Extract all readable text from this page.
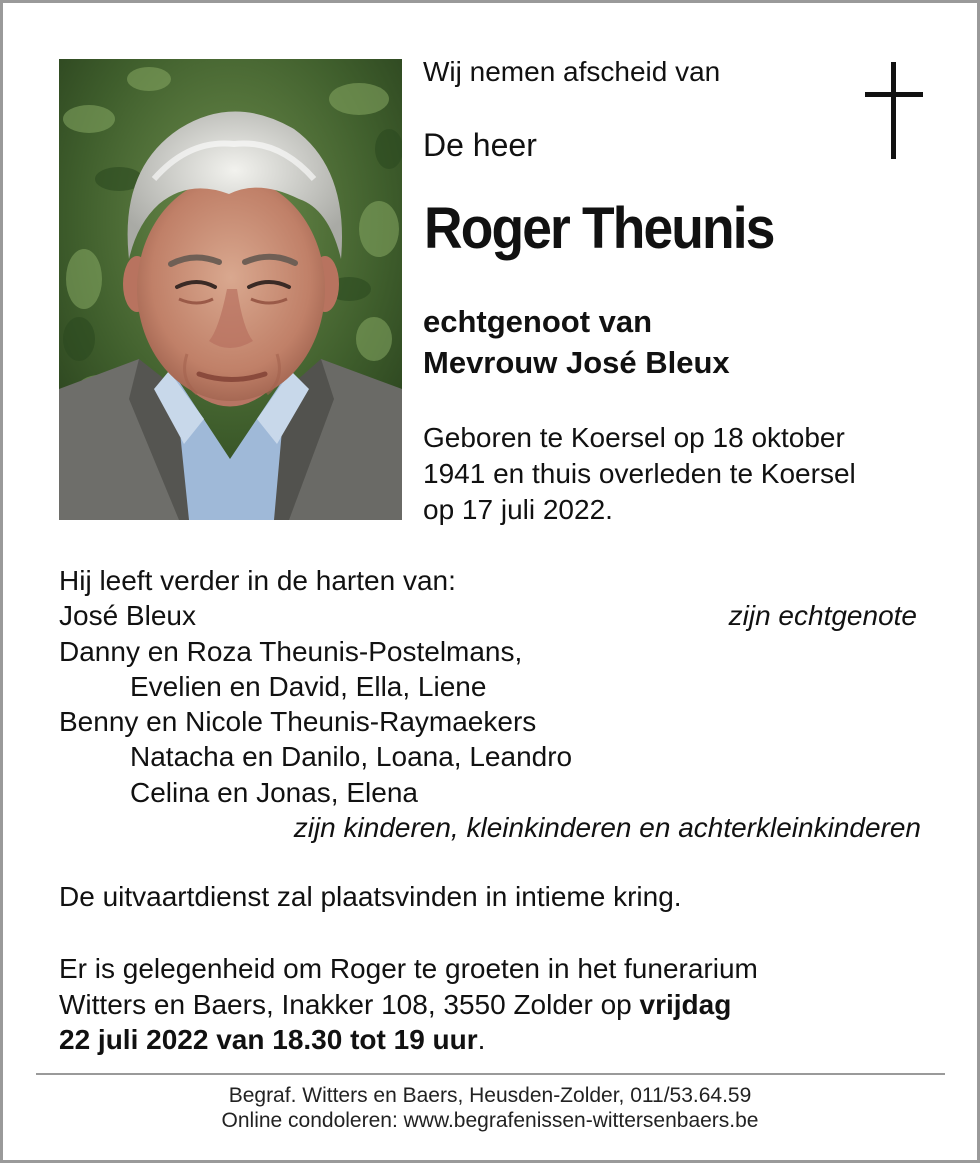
Wij nemen afscheid van
De heer
Roger Theunis
echtgenoot van
Mevrouw José Bleux
Geboren te Koersel op 18 oktober
1941 en thuis overleden te Koersel
op 17 juli 2022.
Hij leeft verder in de harten van:
José Bleux	zijn echtgenote
Danny en Roza Theunis-Postelmans,
Evelien en David, Ella, Liene
Benny en Nicole Theunis-Raymaekers
Natacha en Danilo, Loana, Leandro
Celina en Jonas, Elena
zijn kinderen, kleinkinderen en achterkleinkinderen
De uitvaartdienst zal plaatsvinden in intieme kring.
Er is gelegenheid om Roger te groeten in het funerarium
Witters en Baers, Inakker 108, 3550 Zolder op vrijdag
22 juli 2022 van 18.30 tot 19 uur.
Begraf. Witters en Baers, Heusden-Zolder, 011/53.64.59
Online condoleren: www.begrafenissen-wittersenbaers.be
